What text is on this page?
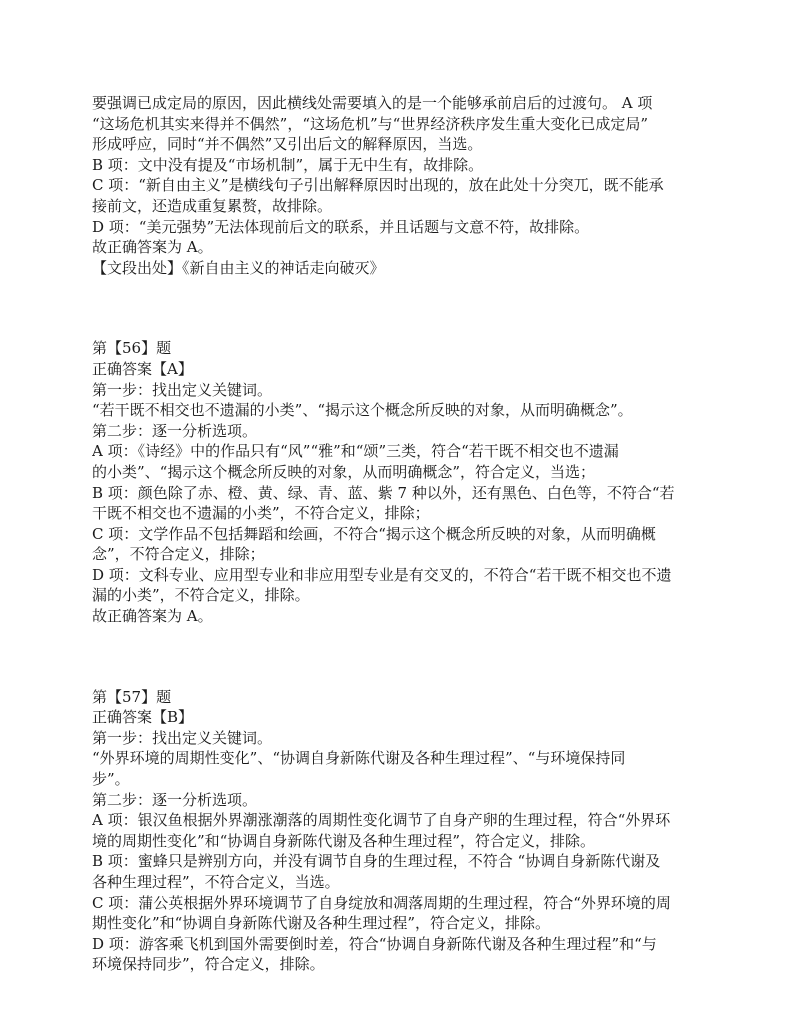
要强调已成定局的原因，因此横线处需要填入的是一个能够承前启后的过渡句。 A 项
“这场危机其实来得并不偶然”，“这场危机”与“世界经济秩序发生重大变化已成定局”
形成呼应，同时“并不偶然”又引出后文的解释原因，当选。
B 项：文中没有提及“市场机制”，属于无中生有，故排除。
C 项：“新自由主义”是横线句子引出解释原因时出现的，放在此处十分突兀，既不能承
接前文，还造成重复累赘，故排除。
D 项：“美元强势”无法体现前后文的联系，并且话题与文意不符，故排除。
故正确答案为 A。
【文段出处】《新自由主义的神话走向破灭》
第【56】题
正确答案【A】
第一步：找出定义关键词。
“若干既不相交也不遗漏的小类”、“揭示这个概念所反映的对象，从而明确概念”。
第二步：逐一分析选项。
A 项：《诗经》中的作品只有“风”“雅”和“颂”三类，符合“若干既不相交也不遗漏
的小类”、“揭示这个概念所反映的对象，从而明确概念”，符合定义，当选；
B 项：颜色除了赤、橙、黄、绿、青、蓝、紫 7 种以外，还有黑色、白色等，不符合“若
干既不相交也不遗漏的小类”，不符合定义，排除；
C 项：文学作品不包括舞蹈和绘画，不符合“揭示这个概念所反映的对象，从而明确概
念”，不符合定义，排除；
D 项：文科专业、应用型专业和非应用型专业是有交叉的，不符合“若干既不相交也不遗
漏的小类”，不符合定义，排除。
故正确答案为 A。
第【57】题
正确答案【B】
第一步：找出定义关键词。
“外界环境的周期性变化”、“协调自身新陈代谢及各种生理过程”、“与环境保持同
步”。
第二步：逐一分析选项。
A 项：银汉鱼根据外界潮涨潮落的周期性变化调节了自身产卵的生理过程，符合“外界环
境的周期性变化”和“协调自身新陈代谢及各种生理过程”，符合定义，排除。
B 项：蜜蜂只是辨别方向，并没有调节自身的生理过程，不符合 “协调自身新陈代谢及
各种生理过程”，不符合定义，当选。
C 项：蒲公英根据外界环境调节了自身绽放和凋落周期的生理过程，符合“外界环境的周
期性变化”和“协调自身新陈代谢及各种生理过程”，符合定义，排除。
D 项：游客乘飞机到国外需要倒时差，符合“协调自身新陈代谢及各种生理过程”和“与
环境保持同步”，符合定义，排除。
